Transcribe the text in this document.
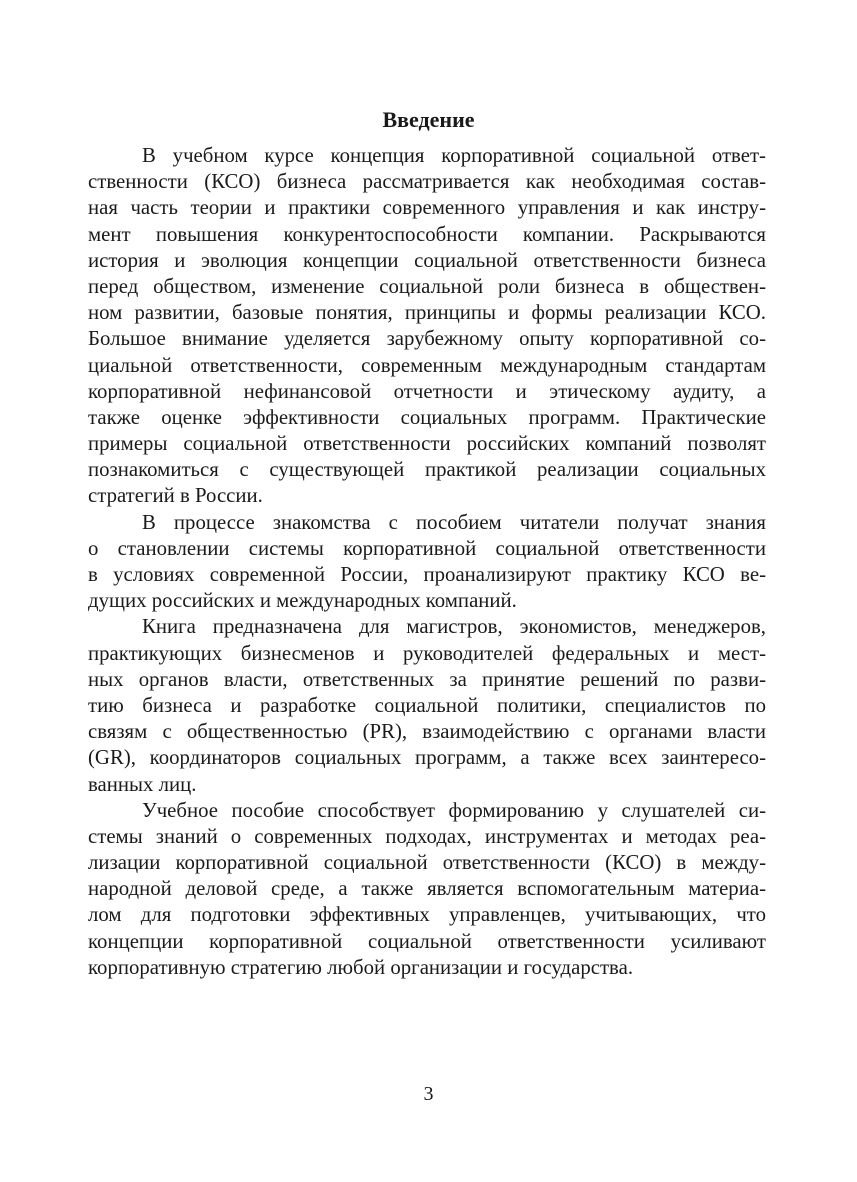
Введение

В учебном курсе концепция корпоративной социальной ответ-
ственности (КСО) бизнеса рассматривается как необходимая состав-
ная часть теории и практики современного управления и как инстру-
мент повышения конкурентоспособности компании. Раскрываются
история и эволюция концепции социальной ответственности бизнеса
перед обществом, изменение социальной роли бизнеса в обществен-
ном развитии, базовые понятия, принципы и формы реализации КСО.
Большое внимание уделяется зарубежному опыту корпоративной со-
циальной ответственности, современным международным стандартам
корпоративной нефинансовой отчетности и этическому аудиту, а
также оценке эффективности социальных программ. Практические
примеры социальной ответственности российских компаний позволят
познакомиться с существующей практикой реализации социальных
стратегий в России.

В процессе знакомства с пособием читатели получат знания
о становлении системы корпоративной социальной ответственности
в условиях современной России, проанализируют практику КСО ве-
дущих российских и международных компаний.

Книга предназначена для магистров, экономистов, менеджеров,
практикующих бизнесменов и руководителей федеральных и мест-
ных органов власти, ответственных за принятие решений по разви-
тию бизнеса и разработке социальной политики, специалистов по
связям с общественностью (PR), взаимодействию с органами власти
(GR), координаторов социальных программ, а также всех заинтересо-
ванных лиц.

Учебное пособие способствует формированию у слушателей си-
стемы знаний о современных подходах, инструментах и методах реа-
лизации корпоративной социальной ответственности (КСО) в между-
народной деловой среде, а также является вспомогательным материа-
лом для подготовки эффективных управленцев, учитывающих, что
концепции корпоративной социальной ответственности усиливают
корпоративную стратегию любой организации и государства.

3
